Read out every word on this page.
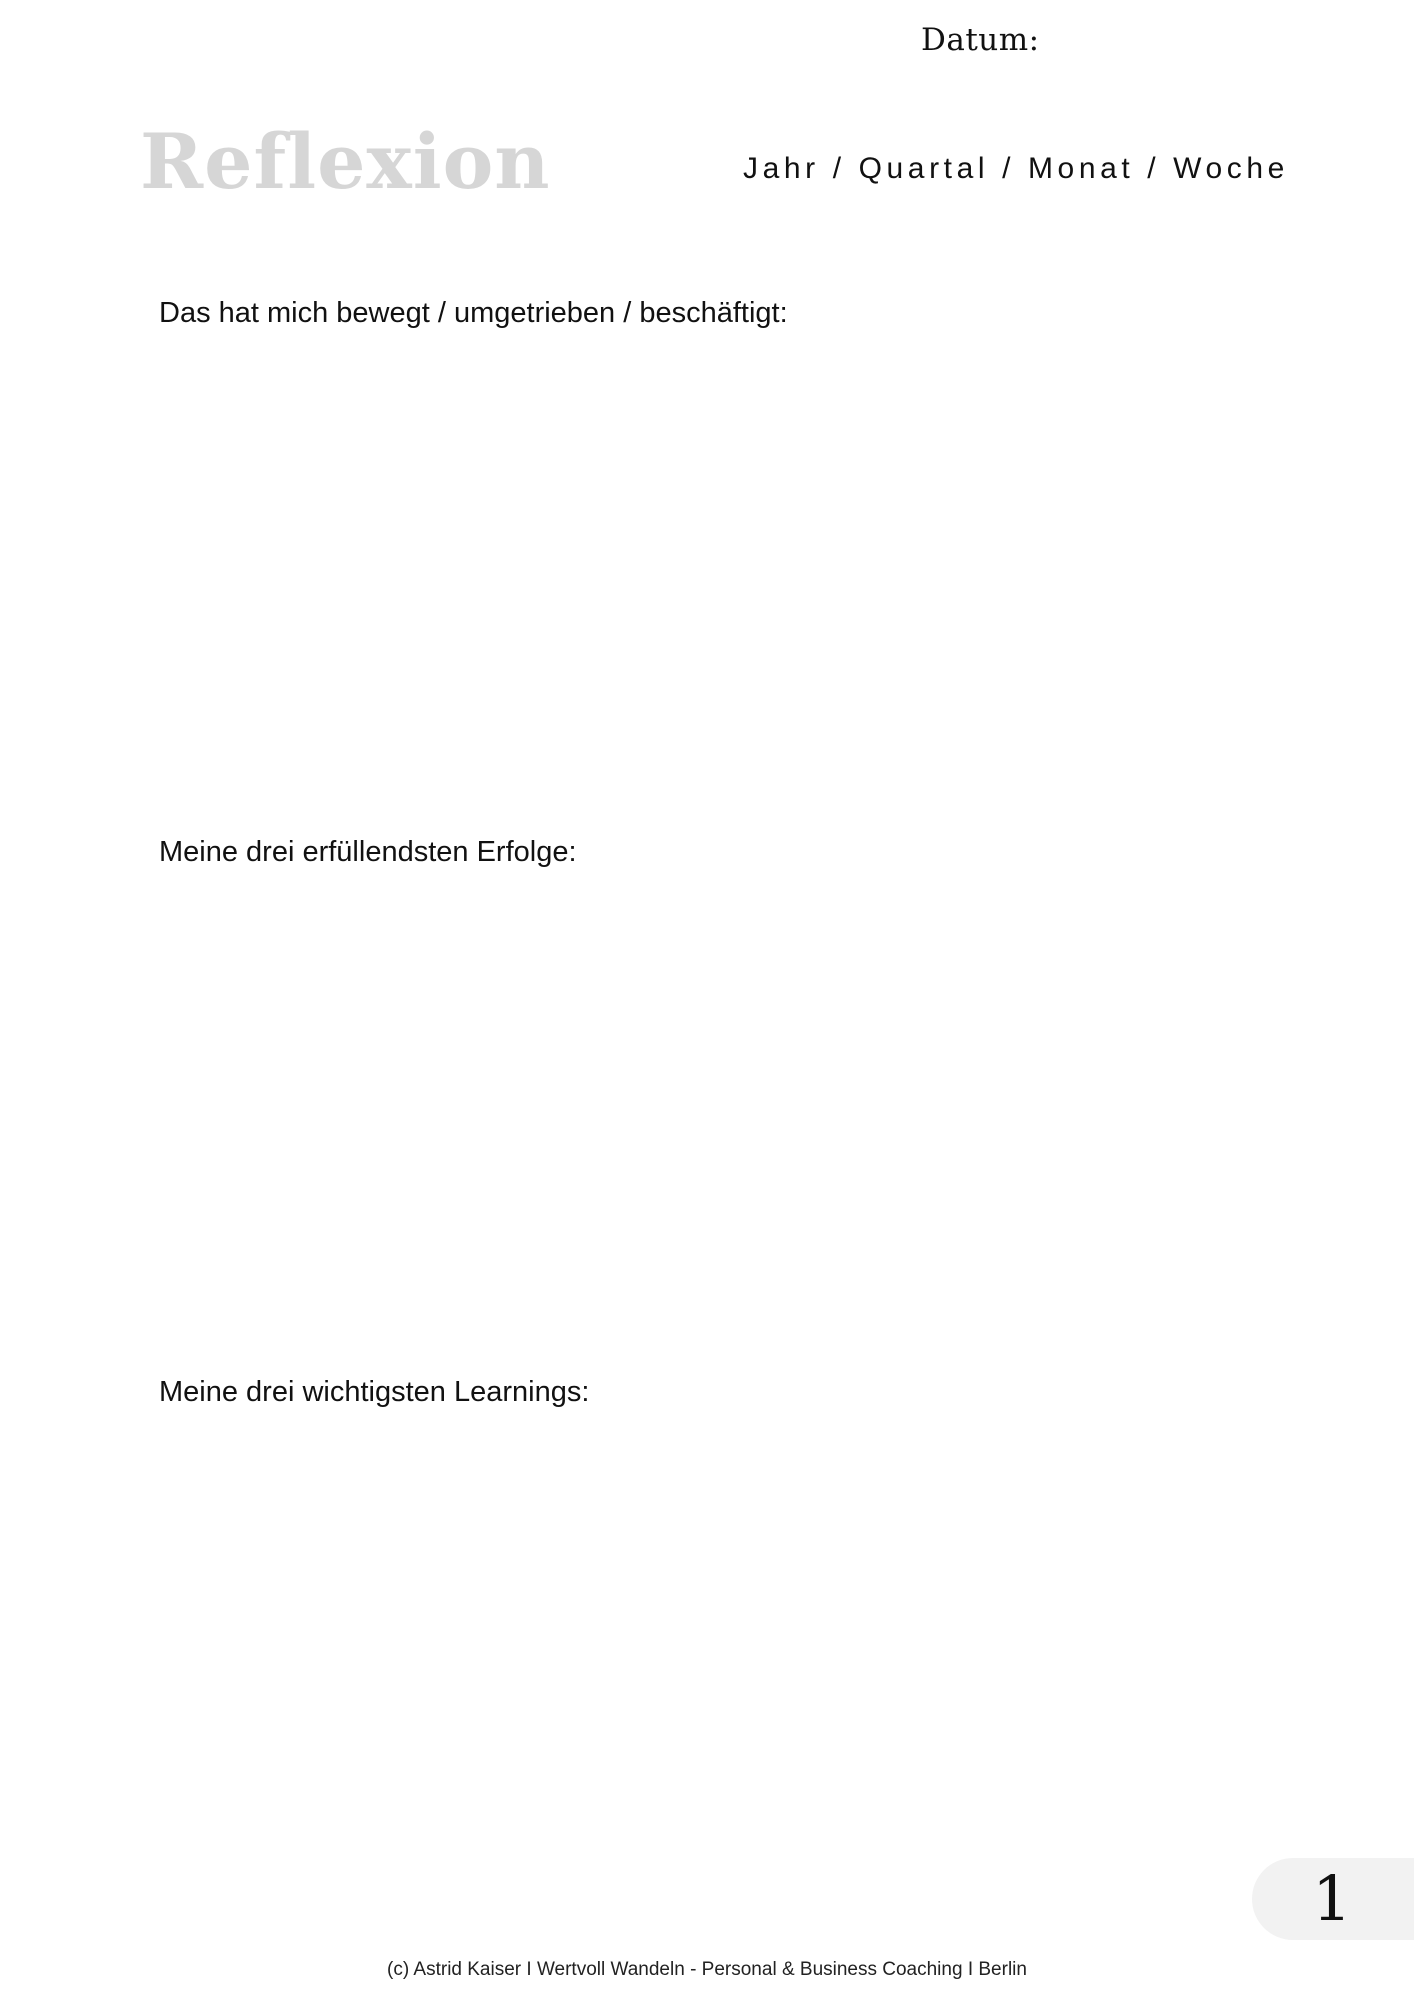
Datum:
Reflexion	Jahr / Quartal / Monat / Woche
Das hat mich bewegt / umgetrieben / beschäftigt:
Meine drei erfüllendsten Erfolge:
Meine drei wichtigsten Learnings:
1
(c) Astrid Kaiser I Wertvoll Wandeln - Personal & Business Coaching I Berlin
